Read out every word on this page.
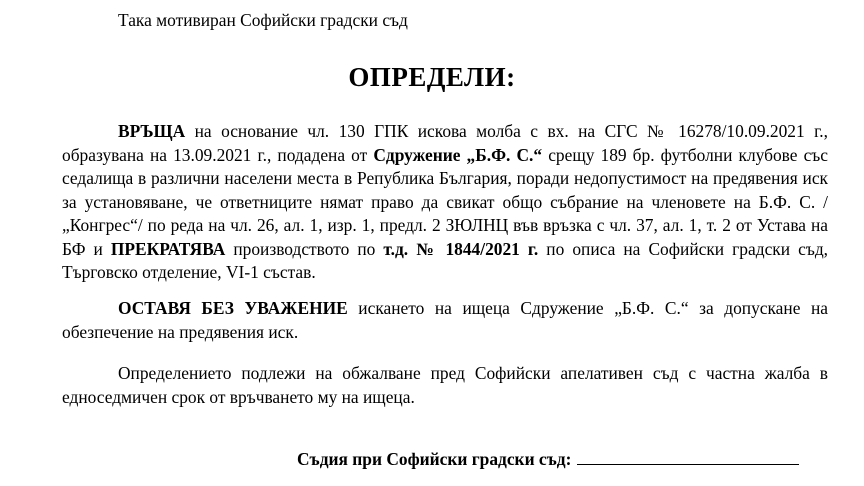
Така мотивиран Софийски градски съд
ОПРЕДЕЛИ:
ВРЪЩА на основание чл. 130 ГПК искова молба с вх. на СГС № 16278/10.09.2021 г., образувана на 13.09.2021 г., подадена от Сдружение „Б.Ф. С.“ срещу 189 бр. футболни клубове със седалища в различни населени места в Република България, поради недопустимост на предявения иск за установяване, че ответниците нямат право да свикат общо събрание на членовете на Б.Ф. С. /„Конгрес“/ по реда на чл. 26, ал. 1, изр. 1, предл. 2 ЗЮЛНЦ във връзка с чл. 37, ал. 1, т. 2 от Устава на БФ и ПРЕКРАТЯВА производството по т.д. № 1844/2021 г. по описа на Софийски градски съд, Търговско отделение, VI-1 състав.
ОСТАВЯ БЕЗ УВАЖЕНИЕ искането на ищеца Сдружение „Б.Ф. С.“ за допускане на обезпечение на предявения иск.
Определението подлежи на обжалване пред Софийски апелативен съд с частна жалба в едноседмичен срок от връчването му на ищеца.
Съдия при Софийски градски съд:
